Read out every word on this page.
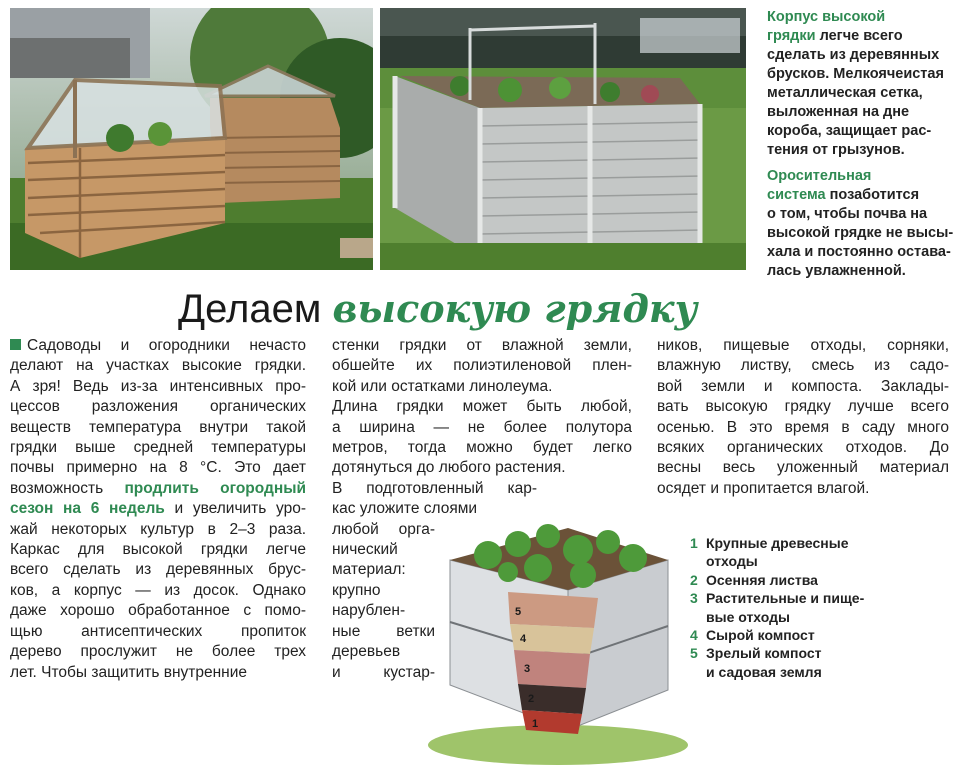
Корпус высокой
грядки легче всего
сделать из деревянных
брусков. Мелкоячеистая
металлическая сетка,
выложенная на дне
короба, защищает рас-
тения от грызунов.

Оросительная
система позаботится
о том, чтобы почва на
высокой грядке не высы-
хала и постоянно остава-
лась увлажненной.

Делаем высокую грядку
Садоводы и огородники нечасто
делают на участках высокие грядки.
А зря! Ведь из-за интенсивных про-
цессов разложения органических
веществ температура внутри такой
грядки выше средней температуры
почвы примерно на 8 °С. Это дает
возможность продлить огородный
сезон на 6 недель и увеличить уро-
жай некоторых культур в 2–3 раза.
Каркас для высокой грядки легче
всего сделать из деревянных брус-
ков, а корпус — из досок. Однако
даже хорошо обработанное с помо-
щью антисептических пропиток
дерево прослужит не более трех
лет. Чтобы защитить внутренние
стенки грядки от влажной земли,
обшейте их полиэтиленовой плен-
кой или остатками линолеума.
Длина грядки может быть любой,
а ширина — не более полутора
метров, тогда можно будет легко
дотянуться до любого растения.
В подготовленный кар-
кас уложите слоями
любой орга-
нический
материал:
крупно
нарублен-
ные ветки
деревьев
и кустар-
ников, пищевые отходы, сорняки,
влажную листву, смесь из садо-
вой земли и компоста. Заклады-
вать высокую грядку лучше всего
осенью. В это время в саду много
всяких органических отходов. До
весны весь уложенный материал
осядет и пропитается влагой.
5
4
3
2
1
1 Крупные древесные
отходы
2 Осенняя листва
3 Растительные и пище-
вые отходы
4 Сырой компост
5 Зрелый компост
и садовая земля
